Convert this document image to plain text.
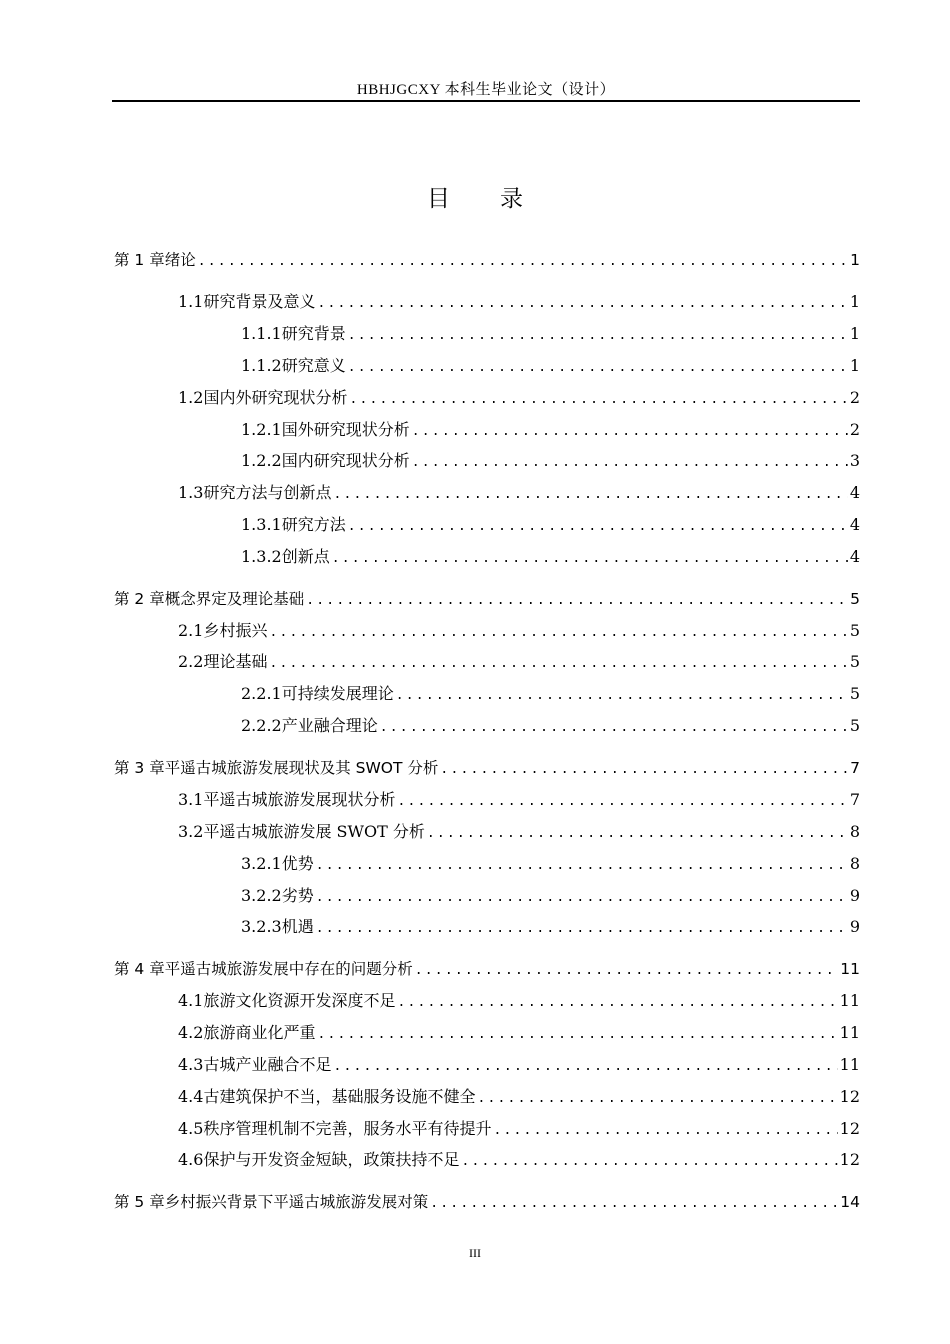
HBHJGCXY 本科生毕业论文（设计）
目录
第 1 章 绪论 .....	1
1.1 研究背景及意义 .....	1
1.1.1 研究背景 .....	1
1.1.2 研究意义 .....	1
1.2 国内外研究现状分析 .....	2
1.2.1 国外研究现状分析 .....	2
1.2.2 国内研究现状分析 .....	3
1.3 研究方法与创新点 .....	4
1.3.1 研究方法 .....	4
1.3.2 创新点 .....	4
第 2 章 概念界定及理论基础 .....	5
2.1 乡村振兴 .....	5
2.2 理论基础 .....	5
2.2.1 可持续发展理论 .....	5
2.2.2 产业融合理论 .....	5
第 3 章 平遥古城旅游发展现状及其 SWOT 分析 .....	7
3.1 平遥古城旅游发展现状分析 .....	7
3.2 平遥古城旅游发展 SWOT 分析 .....	8
3.2.1 优势 .....	8
3.2.2 劣势 .....	9
3.2.3 机遇 .....	9
第 4 章 平遥古城旅游发展中存在的问题分析 .....	11
4.1 旅游文化资源开发深度不足 .....	11
4.2 旅游商业化严重 .....	11
4.3 古城产业融合不足 .....	11
4.4 古建筑保护不当，基础服务设施不健全 .....	12
4.5 秩序管理机制不完善，服务水平有待提升 .....	12
4.6 保护与开发资金短缺，政策扶持不足 .....	12
第 5 章 乡村振兴背景下平遥古城旅游发展对策 .....	14
III
